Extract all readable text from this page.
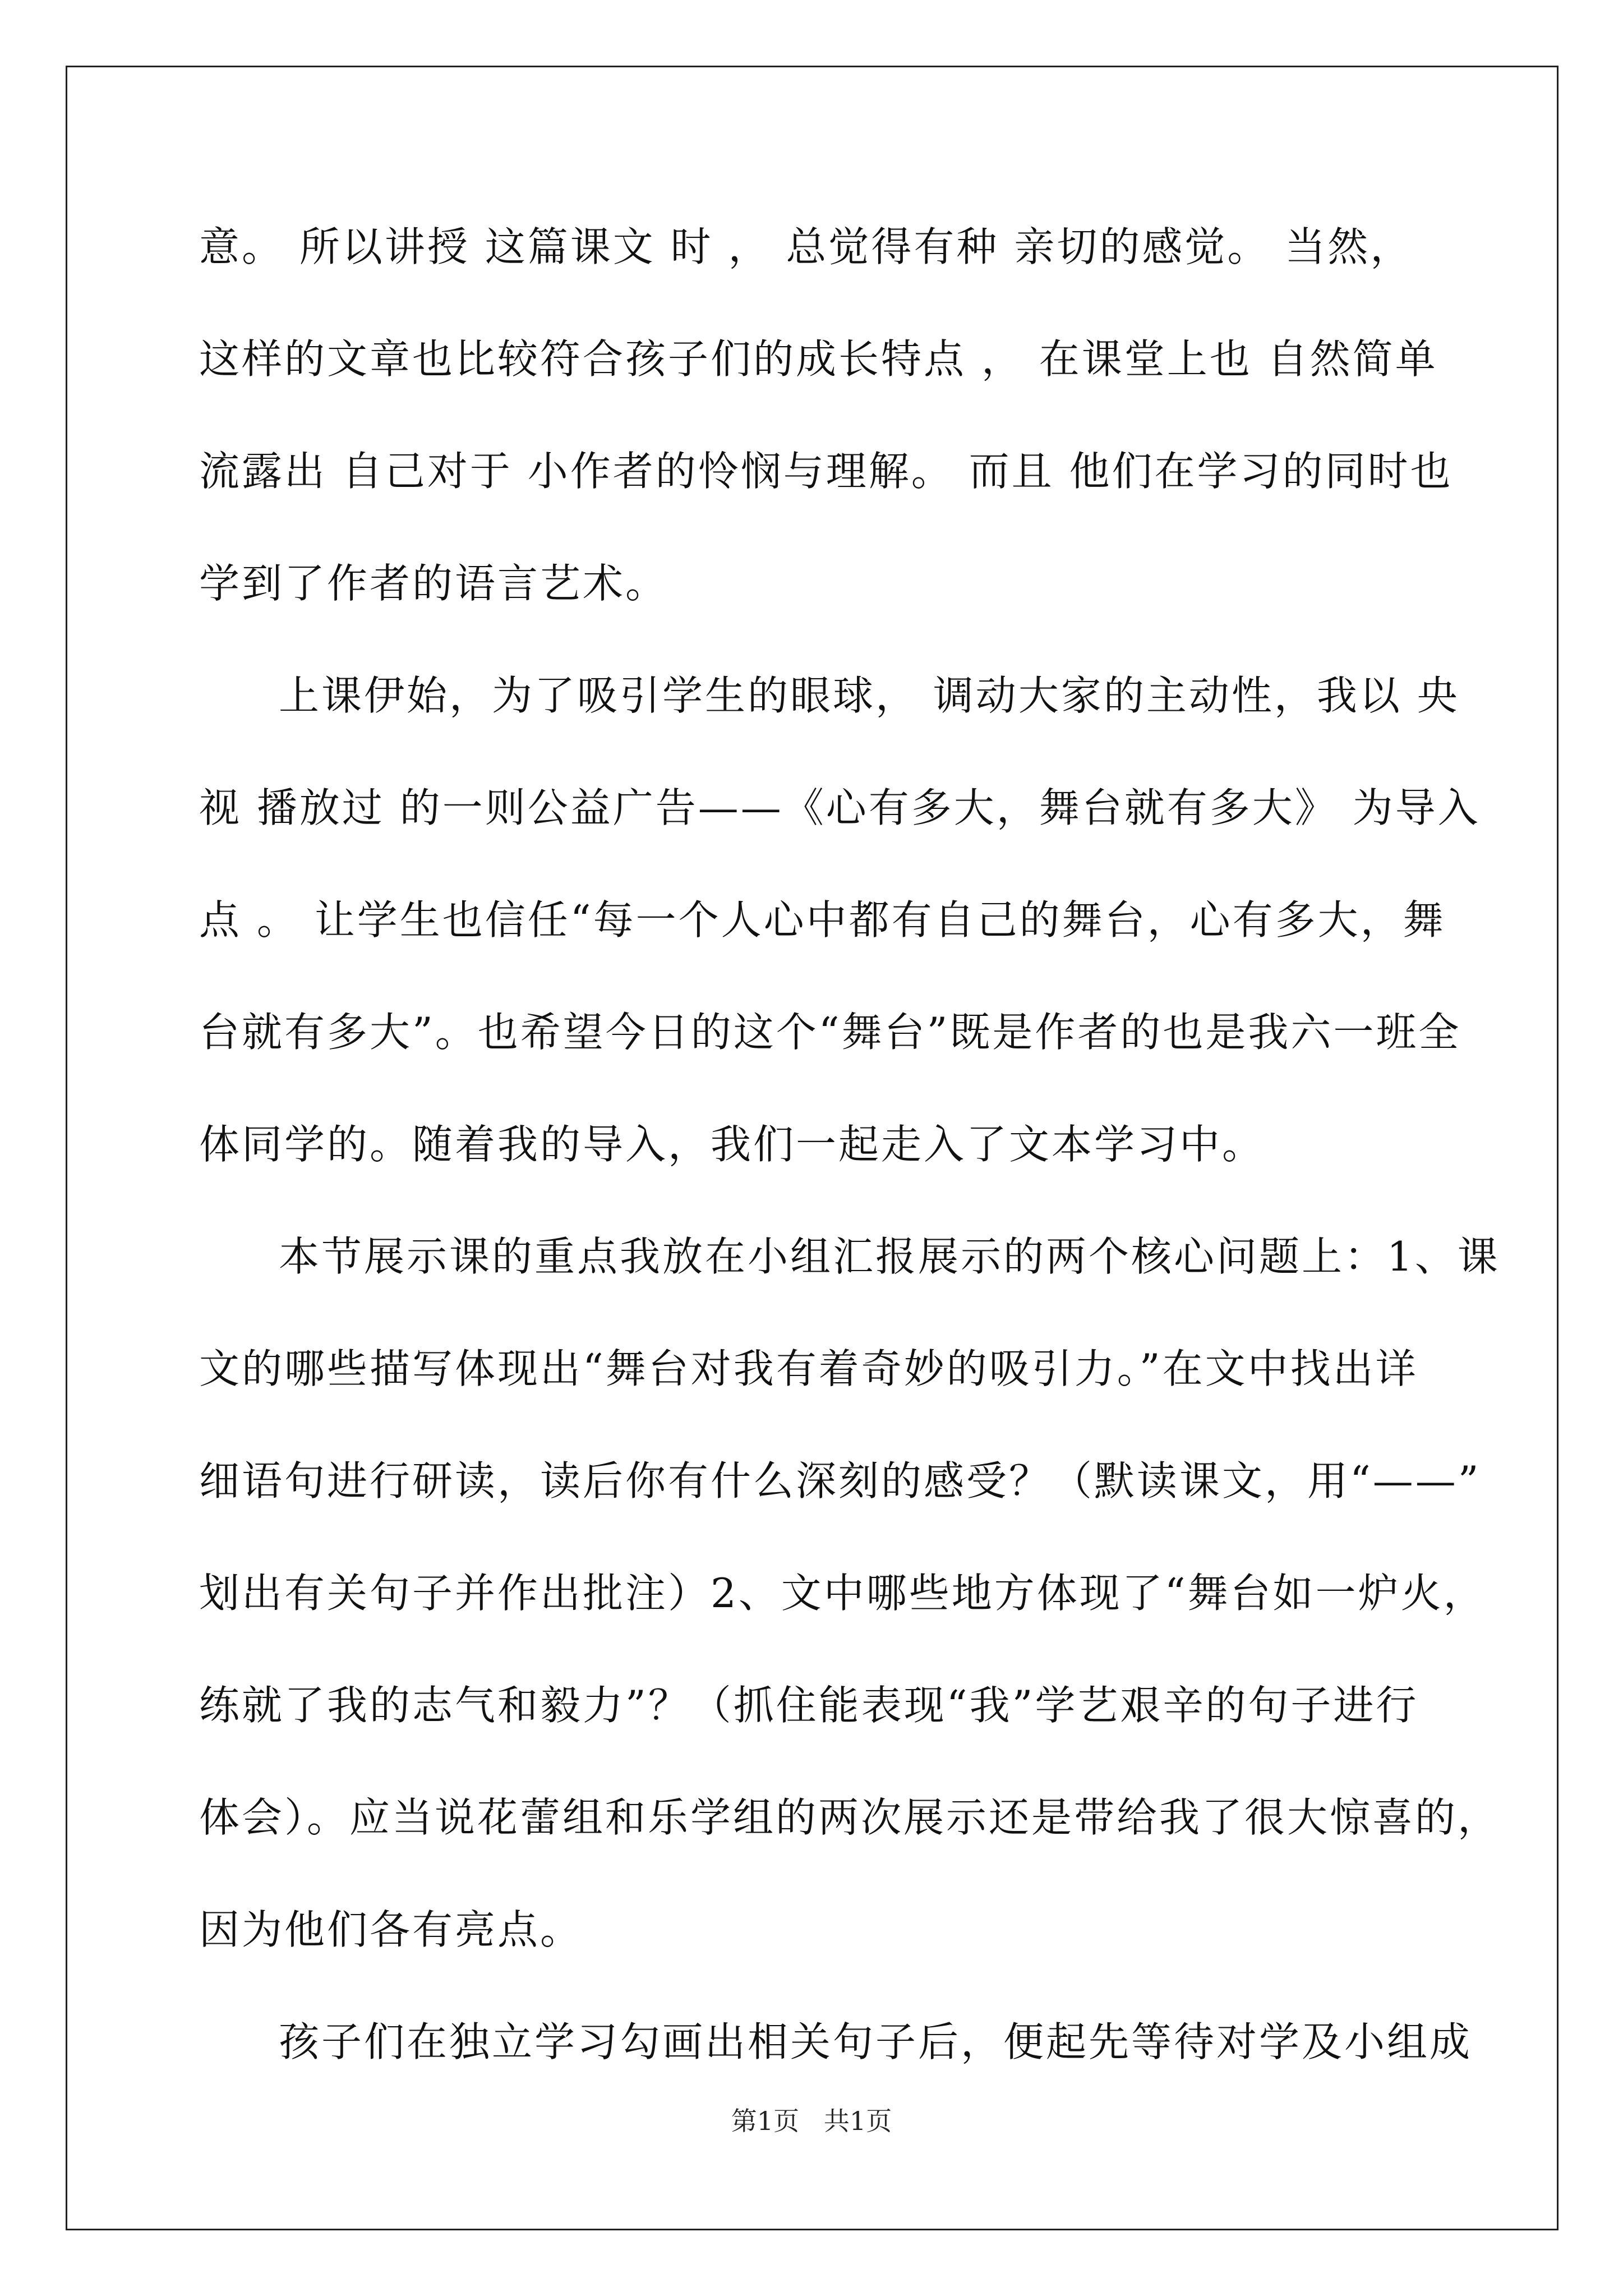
意。 所以讲授 这篇课文 时 ， 总觉得有种 亲切的感觉。 当然，
这样的文章也比较符合孩子们的成长特点 ， 在课堂上也 自然简单
流露出 自己对于 小作者的怜悯与理解。 而且 他们在学习的同时也
学到了作者的语言艺术。
上课伊始，为了吸引学生的眼球， 调动大家的主动性，我以 央
视 播放过 的一则公益广告——《心有多大，舞台就有多大》 为导入
点 。 让学生也信任“每一个人心中都有自己的舞台，心有多大，舞
台就有多大”。也希望今日的这个“舞台”既是作者的也是我六一班全
体同学的。随着我的导入，我们一起走入了文本学习中。
本节展示课的重点我放在小组汇报展示的两个核心问题上：1、课
文的哪些描写体现出“舞台对我有着奇妙的吸引力。”在文中找出详
细语句进行研读，读后你有什么深刻的感受？（默读课文，用“——”
划出有关句子并作出批注）2、文中哪些地方体现了“舞台如一炉火，
练就了我的志气和毅力”？（抓住能表现“我”学艺艰辛的句子进行
体会）。应当说花蕾组和乐学组的两次展示还是带给我了很大惊喜的，
因为他们各有亮点。
孩子们在独立学习勾画出相关句子后，便起先等待对学及小组成
第1页   共1页
